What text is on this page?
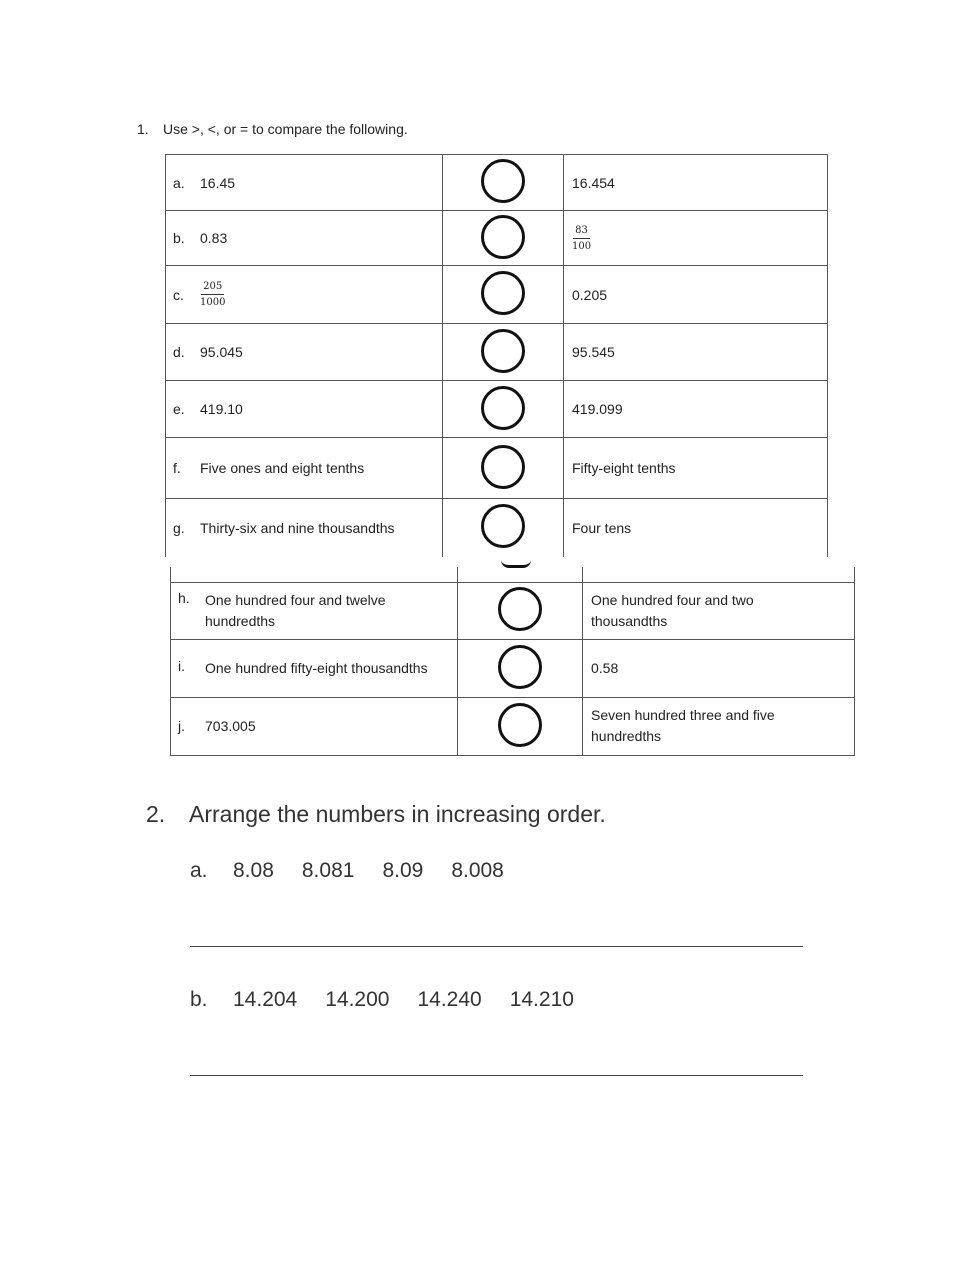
1. Use >, <, or = to compare the following.
a. 16.45		16.454
b. 0.83		$\frac{83}{100}$

c. $\frac{205}{1000}$		0.205
d. 95.045		95.545
e. 419.10		419.099
f. Five ones and eight tenths		Fifty-eight tenths
g. Thirty-six and nine thousandths		Four tens

h. One hundred four and twelve hundredths		One hundred four and two thousandths
i. One hundred fifty-eight thousandths		0.58
j. 703.005		Seven hundred three and five hundredths
2. Arrange the numbers in increasing order.
a. 8.08 8.081 8.09 8.008
b. 14.204 14.200 14.240 14.210
